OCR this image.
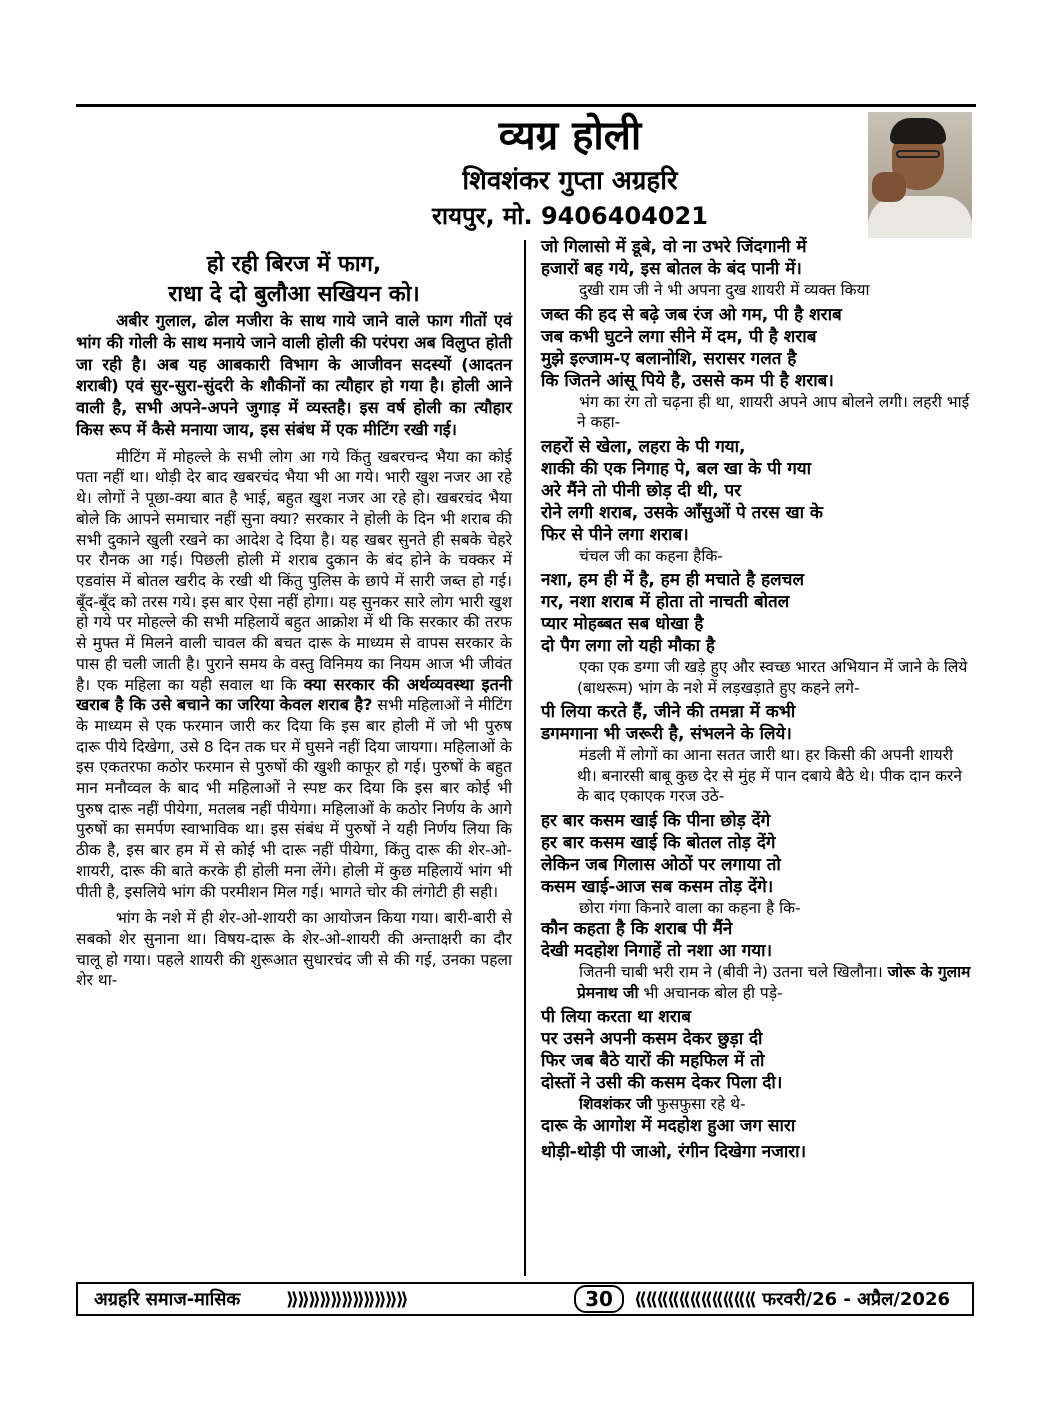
व्यग्र होली
शिवशंकर गुप्ता अग्रहरि
रायपुर, मो. 9406404021

हो रही बिरज में फाग,

राधा दे दो बुलौआ सखियन को।

अबीर गुलाल, ढोल मजीरा के साथ गाये जाने वाले फाग गीतों एवं भांग की गोली के साथ मनाये जाने वाली होली की परंपरा अब विलुप्त होती जा रही है। अब यह आबकारी विभाग के आजीवन सदस्यों (आदतन शराबी) एवं सुर-सुरा-सुंदरी के शौकीनों का त्यौहार हो गया है। होली आने वाली है, सभी अपने-अपने जुगाड़ में व्यस्तहै। इस वर्ष होली का त्यौहार किस रूप में कैसे मनाया जाय, इस संबंध में एक मीटिंग रखी गई।

मीटिंग में मोहल्ले के सभी लोग आ गये किंतु खबरचन्द भैया का कोई पता नहीं था। थोड़ी देर बाद खबरचंद भैया भी आ गये। भारी खुश नजर आ रहे थे। लोगों ने पूछा-क्या बात है भाई, बहुत खुश नजर आ रहे हो। खबरचंद भैया बोले कि आपने समाचार नहीं सुना क्या? सरकार ने होली के दिन भी शराब की सभी दुकाने खुली रखने का आदेश दे दिया है। यह खबर सुनते ही सबके चेहरे पर रौनक आ गई। पिछली होली में शराब दुकान के बंद होने के चक्कर में एडवांस में बोतल खरीद के रखी थी किंतु पुलिस के छापे में सारी जब्त हो गई। बूँद-बूँद को तरस गये। इस बार ऐसा नहीं होगा। यह सुनकर सारे लोग भारी खुश हो गये पर मोहल्ले की सभी महिलायें बहुत आक्रोश में थी कि सरकार की तरफ से मुफ्त में मिलने वाली चावल की बचत दारू के माध्यम से वापस सरकार के पास ही चली जाती है। पुराने समय के वस्तु विनिमय का नियम आज भी जीवंत है। एक महिला का यही सवाल था कि क्या सरकार की अर्थव्यवस्था इतनी खराब है कि उसे बचाने का जरिया केवल शराब है? सभी महिलाओं ने मीटिंग के माध्यम से एक फरमान जारी कर दिया कि इस बार होली में जो भी पुरुष दारू पीये दिखेगा, उसे 8 दिन तक घर में घुसने नहीं दिया जायगा। महिलाओं के इस एकतरफा कठोर फरमान से पुरुषों की खुशी काफूर हो गई। पुरुषों के बहुत मान मनौव्वल के बाद भी महिलाओं ने स्पष्ट कर दिया कि इस बार कोई भी पुरुष दारू नहीं पीयेगा, मतलब नहीं पीयेगा। महिलाओं के कठोर निर्णय के आगे पुरुषों का समर्पण स्वाभाविक था। इस संबंध में पुरुषों ने यही निर्णय लिया कि ठीक है, इस बार हम में से कोई भी दारू नहीं पीयेगा, किंतु दारू की शेर-ओ-शायरी, दारू की बाते करके ही होली मना लेंगे। होली में कुछ महिलायें भांग भी पीती है, इसलिये भांग की परमीशन मिल गई। भागते चोर की लंगोटी ही सही।

भांग के नशे में ही शेर-ओ-शायरी का आयोजन किया गया। बारी-बारी से सबको शेर सुनाना था। विषय-दारू के शेर-ओ-शायरी की अन्ताक्षरी का दौर चालू हो गया। पहले शायरी की शुरूआत सुधारचंद जी से की गई, उनका पहला शेर था-

जो गिलासो में डूबे, वो ना उभरे जिंदगानी में

हजारों बह गये, इस बोतल के बंद पानी में।

दुखी राम जी ने भी अपना दुख शायरी में व्यक्त किया

जब्त की हद से बढ़े जब रंज ओ गम, पी है शराब

जब कभी घुटने लगा सीने में दम, पी है शराब

मुझे इल्जाम-ए बलानोशि, सरासर गलत है

कि जितने आंसू पिये है, उससे कम पी है शराब।

भंग का रंग तो चढ़ना ही था, शायरी अपने आप बोलने लगी। लहरी भाई ने कहा-

लहरों से खेला, लहरा के पी गया,

शाकी की एक निगाह पे, बल खा के पी गया

अरे मैंने तो पीनी छोड़ दी थी, पर

रोने लगी शराब, उसके आँसुओं पे तरस खा के

फिर से पीने लगा शराब।

चंचल जी का कहना हैकि-

नशा, हम ही में है, हम ही मचाते है हलचल

गर, नशा शराब में होता तो नाचती बोतल

प्यार मोहब्बत सब धोखा है

दो पैग लगा लो यही मौका है

एका एक डग्गा जी खड़े हुए और स्वच्छ भारत अभियान में जाने के लिये (बाथरूम) भांग के नशे में लड़खड़ाते हुए कहने लगे-

पी लिया करते हैं, जीने की तमन्ना में कभी

डगमगाना भी जरूरी है, संभलने के लिये।

मंडली में लोगों का आना सतत जारी था। हर किसी की अपनी शायरी थी। बनारसी बाबू कुछ देर से मुंह में पान दबाये बैठे थे। पीक दान करने के बाद एकाएक गरज उठे-

हर बार कसम खाई कि पीना छोड़ देंगे

हर बार कसम खाई कि बोतल तोड़ देंगे

लेकिन जब गिलास ओठों पर लगाया तो

कसम खाई-आज सब कसम तोड़ देंगे।

छोरा गंगा किनारे वाला का कहना है कि-

कौन कहता है कि शराब पी मैंने

देखी मदहोश निगाहें तो नशा आ गया।

जितनी चाबी भरी राम ने (बीवी ने) उतना चले खिलौना। जोरू के गुलाम प्रेमनाथ जी भी अचानक बोल ही पड़े-

पी लिया करता था शराब

पर उसने अपनी कसम देकर छुड़ा दी

फिर जब बैठे यारों की महफिल में तो

दोस्तों ने उसी की कसम देकर पिला दी।

शिवशंकर जी फुसफुसा रहे थे-

दारू के आगोश में मदहोश हुआ जग सारा

थोड़ी-थोड़ी पी जाओ, रंगीन दिखेगा नजारा।

अग्रहरि समाज-मासिक	⟫⟫⟫⟫⟫⟫⟫⟫⟫⟫⟫	30	⟪⟪⟪⟪⟪⟪⟪⟪⟪⟪⟪ फरवरी/26 - अप्रैल/2026
